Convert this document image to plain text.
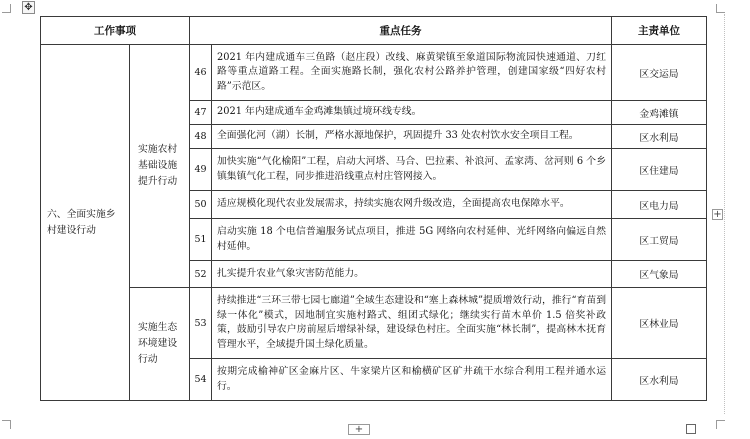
✥
工作事项		重点任务		主责单位
六、全面实施乡村建设行动	实施农村基础设施提升行动	46	2021 年内建成通车三鱼路（赵庄段）改线、麻黄梁镇至象道国际物流园快速通道、刀红路等重点道路工程。全面实施路长制，强化农村公路养护管理，创建国家级“四好农村路”示范区。	区交运局
		47	2021 年内建成通车金鸡滩集镇过境环线专线。	金鸡滩镇
		48	全面强化河（湖）长制，严格水源地保护，巩固提升 33 处农村饮水安全项目工程。	区水利局
		49	加快实施“气化榆阳”工程，启动大河塔、马合、巴拉素、补浪河、孟家湾、岔河则 6 个乡镇集镇气化工程，同步推进沿线重点村庄管网接入。	区住建局
		50	适应规模化现代农业发展需求，持续实施农网升级改造，全面提高农电保障水平。	区电力局
		51	启动实施 18 个电信普遍服务试点项目，推进 5G 网络向农村延伸、光纤网络向偏远自然村延伸。	区工贸局
		52	扎实提升农业气象灾害防范能力。	区气象局
	实施生态环境建设行动	53	持续推进“三环三带七园七廊道”全域生态建设和“塞上森林城”提质增效行动，推行“育苗到绿一体化”模式，因地制宜实施村路式、组团式绿化；继续实行苗木单价 1.5 倍奖补政策，鼓励引导农户房前屋后增绿补绿，建设绿色村庄。全面实施“林长制”，提高林木抚育管理水平，全域提升国土绿化质量。	区林业局
		54	按期完成榆神矿区金麻片区、牛家梁片区和榆横矿区矿井疏干水综合利用工程并通水运行。	区水利局
+
+
